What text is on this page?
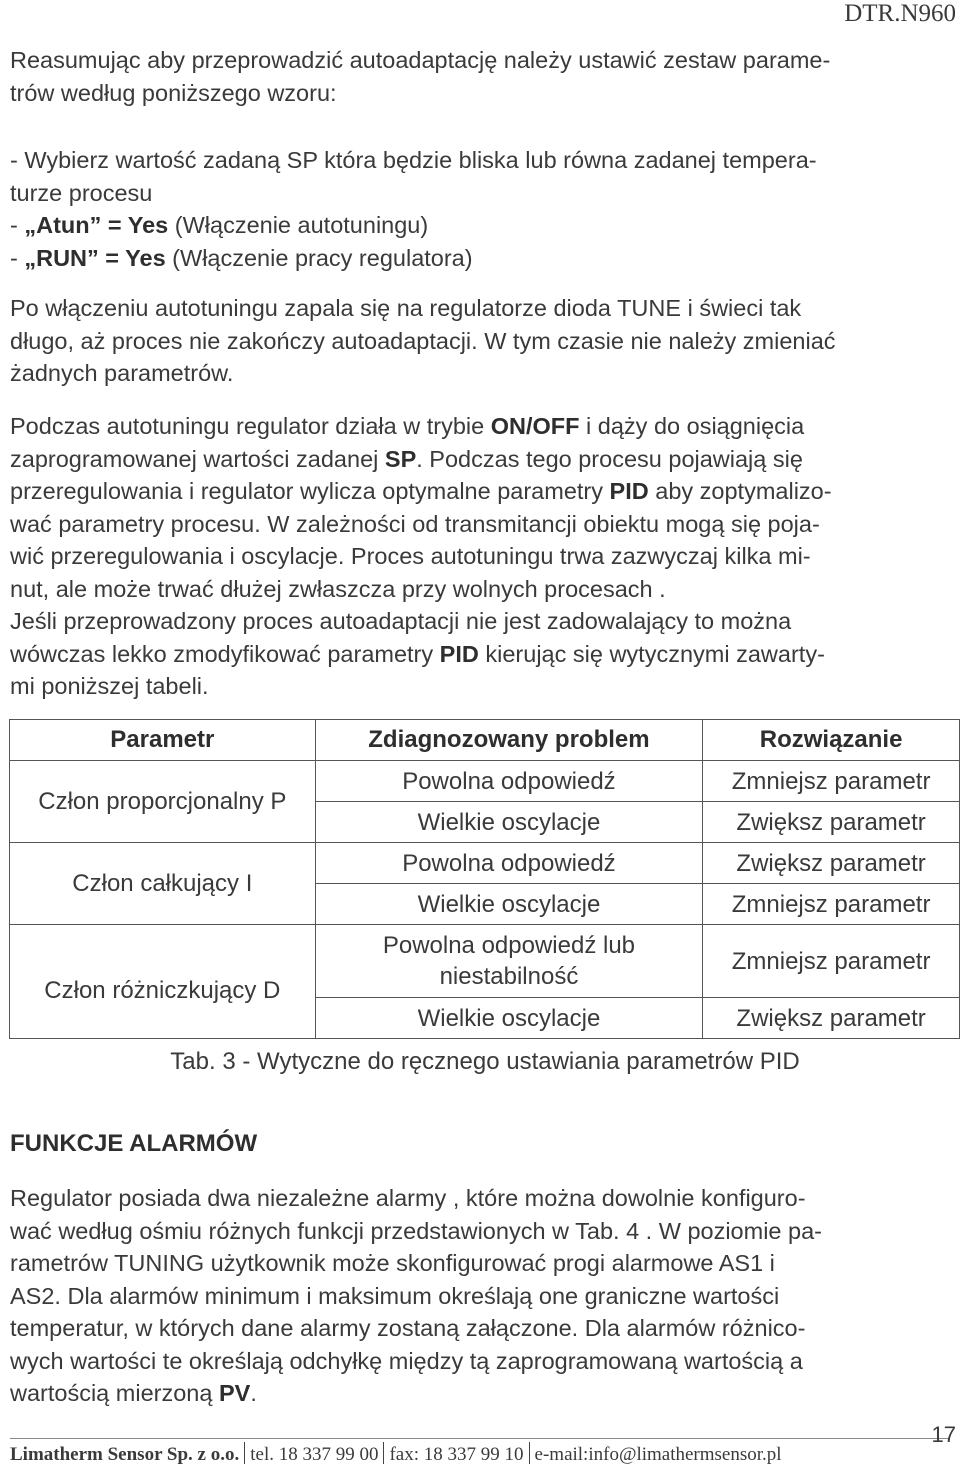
DTR.N960
Reasumując aby przeprowadzić autoadaptację należy ustawić zestaw parame-
trów według poniższego wzoru:
- Wybierz wartość zadaną SP która będzie bliska lub równa zadanej tempera-
turze procesu
- „Atun” = Yes (Włączenie autotuningu)
- „RUN” = Yes (Włączenie pracy regulatora)
Po włączeniu autotuningu zapala się na regulatorze dioda TUNE i świeci tak
długo, aż proces nie zakończy autoadaptacji. W tym czasie nie należy zmieniać
żadnych parametrów.
Podczas autotuningu regulator działa w trybie ON/OFF i dąży do osiągnięcia
zaprogramowanej wartości zadanej SP. Podczas tego procesu pojawiają się
przeregulowania i regulator wylicza optymalne parametry PID aby zoptymalizo-
wać parametry procesu. W zależności od transmitancji obiektu mogą się poja-
wić przeregulowania i oscylacje. Proces autotuningu trwa zazwyczaj kilka mi-
nut, ale może trwać dłużej zwłaszcza przy wolnych procesach .
Jeśli przeprowadzony proces autoadaptacji nie jest zadowalający to można
wówczas lekko zmodyfikować parametry PID kierując się wytycznymi zawarty-
mi poniższej tabeli.
Parametr	Zdiagnozowany problem	Rozwiązanie
Człon proporcjonalny P	Powolna odpowiedź	Zmniejsz parametr
	Wielkie oscylacje	Zwiększ parametr
Człon całkujący I	Powolna odpowiedź	Zwiększ parametr
	Wielkie oscylacje	Zmniejsz parametr
Człon różniczkujący D	Powolna odpowiedź lub
niestabilność	Zmniejsz parametr
	Wielkie oscylacje	Zwiększ parametr
Tab. 3 - Wytyczne do ręcznego ustawiania parametrów PID
FUNKCJE ALARMÓW
Regulator posiada dwa niezależne alarmy , które można dowolnie konfiguro-
wać według ośmiu różnych funkcji przedstawionych w Tab. 4 . W poziomie pa-
rametrów TUNING użytkownik może skonfigurować progi alarmowe AS1 i
AS2. Dla alarmów minimum i maksimum określają one graniczne wartości
temperatur, w których dane alarmy zostaną załączone. Dla alarmów różnico-
wych wartości te określają odchyłkę między tą zaprogramowaną wartością a
wartością mierzoną PV.
Limatherm Sensor Sp. z o.o. tel. 18 337 99 00 fax: 18 337 99 10 e-mail:info@limathermsensor.pl
17
